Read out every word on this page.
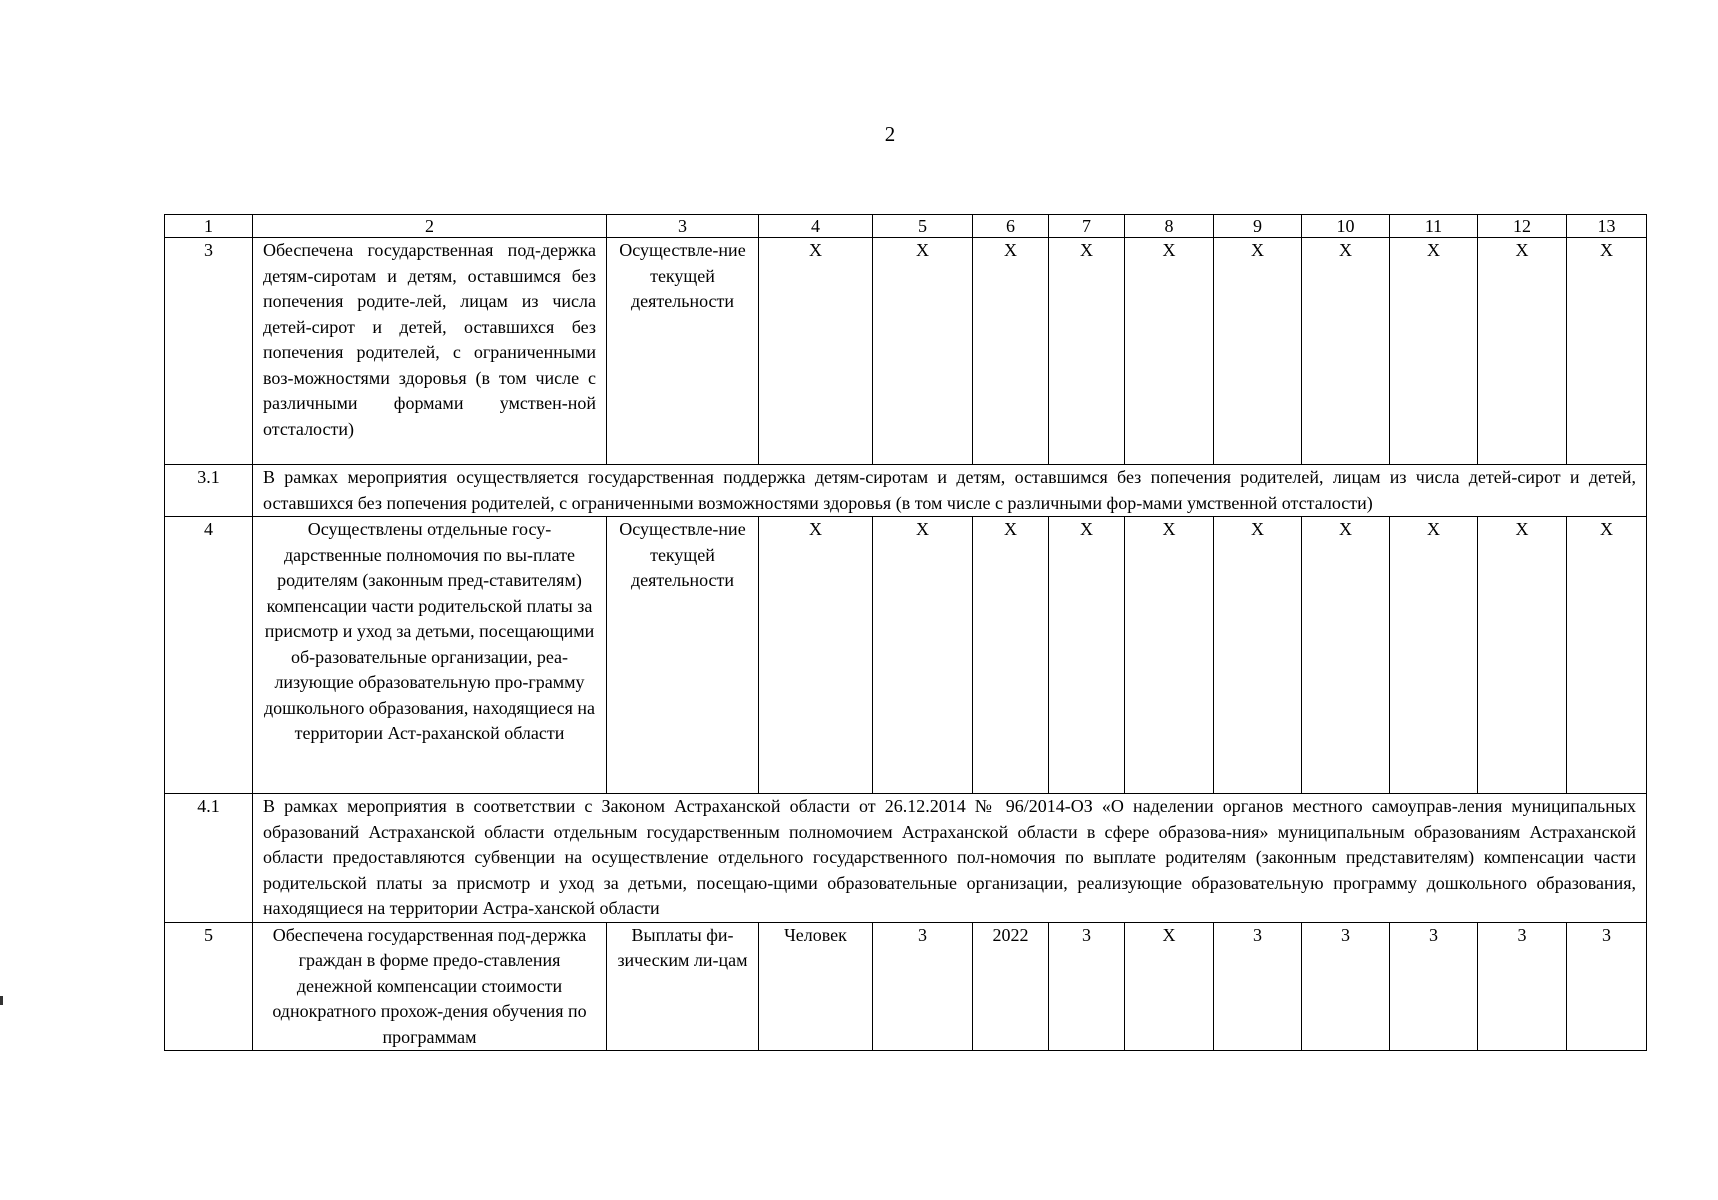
2
1	2	3	4	5	6	7	8	9	10	11	12	13
3	Обеспечена государственная под-держка детям-сиротам и детям, оставшимся без попечения родите-лей, лицам из числа детей-сирот и детей, оставшихся без попечения родителей, с ограниченными воз-можностями здоровья (в том числе с различными формами умствен-ной отсталости)	Осуществле-ние текущей деятельности	X	X	X	X	X	X	X	X	X	X
3.1	В рамках мероприятия осуществляется государственная поддержка детям-сиротам и детям, оставшимся без попечения родителей, лицам из числа детей-сирот и детей, оставшихся без попечения родителей, с ограниченными возможностями здоровья (в том числе с различными фор-мами умственной отсталости)											
4	Осуществлены отдельные госу-дарственные полномочия по вы-плате родителям (законным пред-ставителям) компенсации части родительской платы за присмотр и уход за детьми, посещающими об-разовательные организации, реа-лизующие образовательную про-грамму дошкольного образования, находящиеся на территории Аст-раханской области	Осуществле-ние текущей деятельности	X	X	X	X	X	X	X	X	X	X
4.1	В рамках мероприятия в соответствии с Законом Астраханской области от 26.12.2014 № 96/2014-ОЗ «О наделении органов местного самоуправ-ления муниципальных образований Астраханской области отдельным государственным полномочием Астраханской области в сфере образова-ния» муниципальным образованиям Астраханской области предоставляются субвенции на осуществление отдельного государственного пол-номочия по выплате родителям (законным представителям) компенсации части родительской платы за присмотр и уход за детьми, посещаю-щими образовательные организации, реализующие образовательную программу дошкольного образования, находящиеся на территории Астра-ханской области											
5	Обеспечена государственная под-держка граждан в форме предо-ставления денежной компенсации стоимости однократного прохож-дения обучения по программам	Выплаты фи-зическим ли-цам	Человек	3	2022	3	X	3	3	3	3	3
